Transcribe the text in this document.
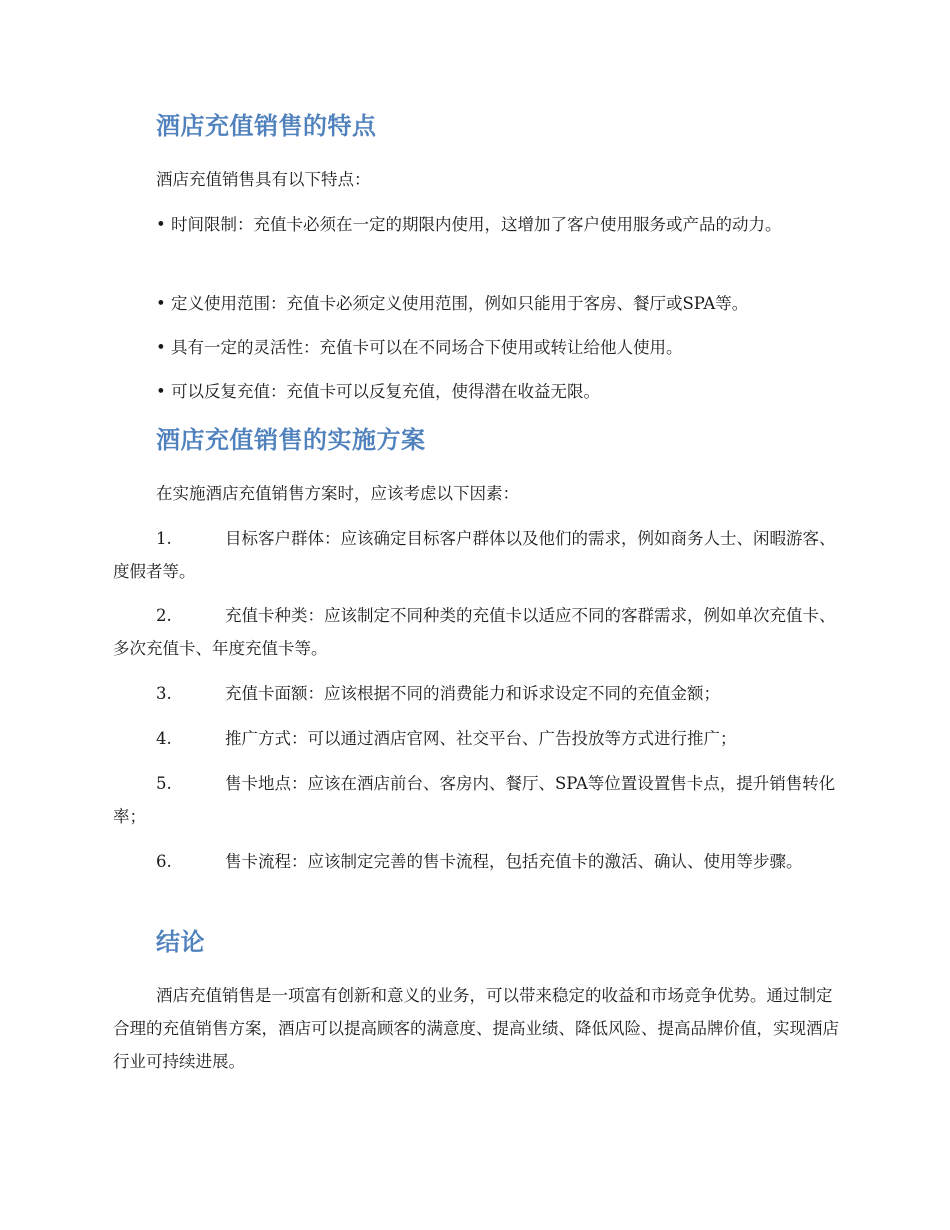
酒店充值销售的特点

酒店充值销售具有以下特点：

• 时间限制：充值卡必须在一定的期限内使用，这增加了客户使用服务或产品的动力。

• 定义使用范围：充值卡必须定义使用范围，例如只能用于客房、餐厅或SPA等。

• 具有一定的灵活性：充值卡可以在不同场合下使用或转让给他人使用。

• 可以反复充值：充值卡可以反复充值，使得潜在收益无限。

酒店充值销售的实施方案

在实施酒店充值销售方案时，应该考虑以下因素：

1.	目标客户群体：应该确定目标客户群体以及他们的需求，例如商务人士、闲暇游客、度假者等。

2.	充值卡种类：应该制定不同种类的充值卡以适应不同的客群需求，例如单次充值卡、多次充值卡、年度充值卡等。

3.	充值卡面额：应该根据不同的消费能力和诉求设定不同的充值金额；

4.	推广方式：可以通过酒店官网、社交平台、广告投放等方式进行推广；

5.	售卡地点：应该在酒店前台、客房内、餐厅、SPA等位置设置售卡点，提升销售转化率；

6.	售卡流程：应该制定完善的售卡流程，包括充值卡的激活、确认、使用等步骤。

结论

酒店充值销售是一项富有创新和意义的业务，可以带来稳定的收益和市场竞争优势。通过制定合理的充值销售方案，酒店可以提高顾客的满意度、提高业绩、降低风险、提高品牌价值，实现酒店行业可持续进展。
